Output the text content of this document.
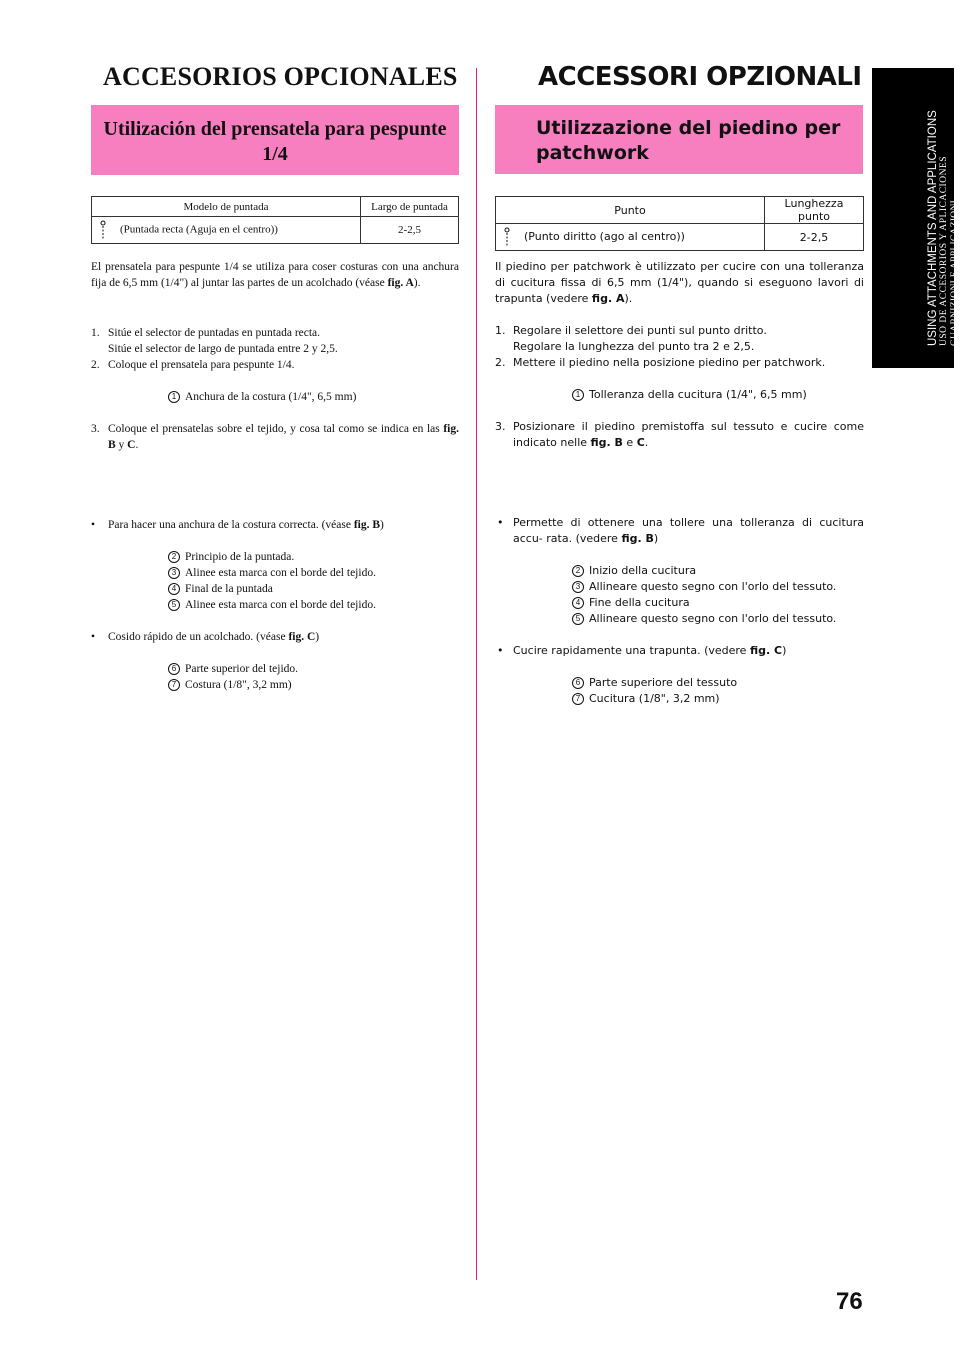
ACCESORIOS OPCIONALES	ACCESSORI OPZIONALI
Utilización del prensatela para pespunte 1/4
Utilizzazione del piedino per patchwork
Modelo de puntada	Largo de puntada
(Puntada recta (Aguja en el centro))	2-2,5
Punto	Lunghezza punto
(Punto diritto (ago al centro))	2-2,5
El prensatela para pespunte 1/4 se utiliza para coser costuras con una anchura fija de 6,5 mm (1/4") al juntar las partes de un acolchado (véase fig. A).
1. Sitúe el selector de puntadas en puntada recta.
Sitúe el selector de largo de puntada entre 2 y 2,5.
2. Coloque el prensatela para pespunte 1/4.
1 Anchura de la costura (1/4", 6,5 mm)
3. Coloque el prensatelas sobre el tejido, y cosa tal como se indica en las fig. B y C.
• Para hacer una anchura de la costura correcta. (véase fig. B)
2 Principio de la puntada.
3 Alinee esta marca con el borde del tejido.
4 Final de la puntada
5 Alinee esta marca con el borde del tejido.
• Cosido rápido de un acolchado. (véase fig. C)
6 Parte superior del tejido.
7 Costura (1/8", 3,2 mm)
Il piedino per patchwork è utilizzato per cucire con una tolleranza di cucitura fissa di 6,5 mm (1/4"), quando si eseguono lavori di trapunta (vedere fig. A).
1. Regolare il selettore dei punti sul punto dritto.
Regolare la lunghezza del punto tra 2 e 2,5.
2. Mettere il piedino nella posizione piedino per patchwork.
1 Tolleranza della cucitura (1/4", 6,5 mm)
3. Posizionare il piedino premistoffa sul tessuto e cucire come indicato nelle fig. B e C.
• Permette di ottenere una tollere una tolleranza di cucitura accu- rata. (vedere fig. B)
2 Inizio della cucitura
3 Allineare questo segno con l'orlo del tessuto.
4 Fine della cucitura
5 Allineare questo segno con l'orlo del tessuto.
• Cucire rapidamente una trapunta. (vedere fig. C)
6 Parte superiore del tessuto
7 Cucitura (1/8", 3,2 mm)
USING ATTACHMENTS AND APPLICATIONS USO DE ACCESORIOS Y APLICACIONES GUARNIZIONI E APPLICAZIONI
76
